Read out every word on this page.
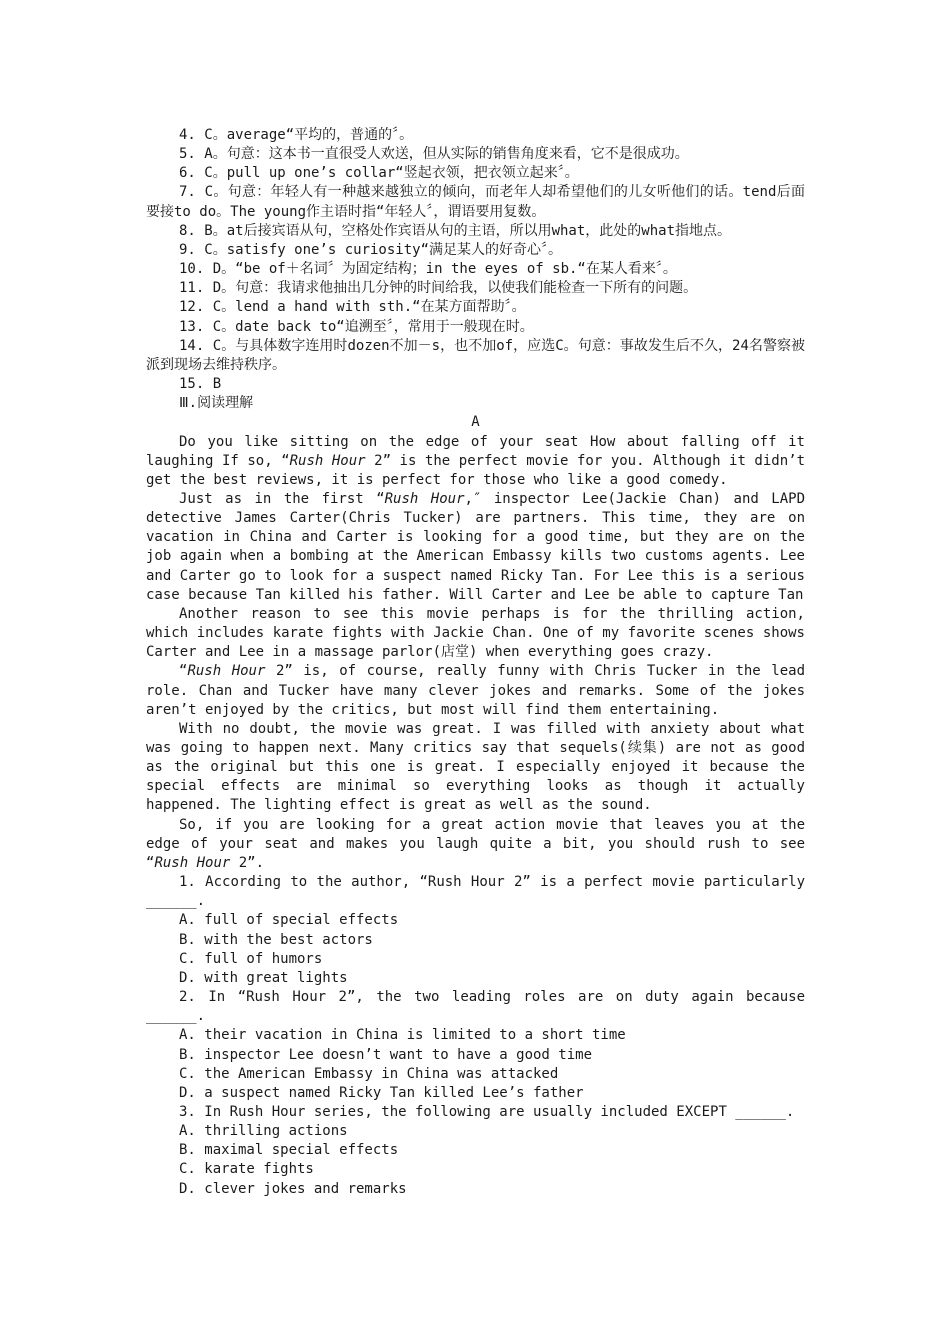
4. C。average“平均的，普通的〞。

5. A。句意：这本书一直很受人欢送，但从实际的销售角度来看，它不是很成功。

6. C。pull up one’s collar“竖起衣领，把衣领立起来〞。

7. C。句意：年轻人有一种越来越独立的倾向，而老年人却希望他们的儿女听他们的话。tend后面要接to do。The young作主语时指“年轻人〞，谓语要用复数。

8. B。at后接宾语从句，空格处作宾语从句的主语，所以用what，此处的what指地点。

9. C。satisfy one’s curiosity“满足某人的好奇心〞。

10. D。“be of＋名词〞为固定结构；in the eyes of sb.“在某人看来〞。

11. D。句意：我请求他抽出几分钟的时间给我，以使我们能检查一下所有的问题。

12. C。lend a hand with sth.“在某方面帮助〞。

13. C。date back to“追溯至〞，常用于一般现在时。

14. C。与具体数字连用时dozen不加－s，也不加of，应选C。句意：事故发生后不久，24名警察被派到现场去维持秩序。

15. B

Ⅲ.阅读理解

A

Do you like sitting on the edge of your seat How about falling off it laughing If so, “Rush Hour 2” is the perfect movie for you. Although it didn’t get the best reviews, it is perfect for those who like a good comedy.

Just as in the first “Rush Hour,″ inspector Lee(Jackie Chan) and LAPD detective James Carter(Chris Tucker) are partners. This time, they are on vacation in China and Carter is looking for a good time, but they are on the job again when a bombing at the American Embassy kills two customs agents. Lee and Carter go to look for a suspect named Ricky Tan. For Lee this is a serious case because Tan killed his father. Will Carter and Lee be able to capture Tan

Another reason to see this movie perhaps is for the thrilling action, which includes karate fights with Jackie Chan. One of my favorite scenes shows Carter and Lee in a massage parlor(店堂) when everything goes crazy.

“Rush Hour 2” is, of course, really funny with Chris Tucker in the lead role. Chan and Tucker have many clever jokes and remarks. Some of the jokes aren’t enjoyed by the critics, but most will find them entertaining.

With no doubt, the movie was great. I was filled with anxiety about what was going to happen next. Many critics say that sequels(续集) are not as good as the original but this one is great. I especially enjoyed it because the special effects are minimal so everything looks as though it actually happened. The lighting effect is great as well as the sound.

So, if you are looking for a great action movie that leaves you at the edge of your seat and makes you laugh quite a bit, you should rush to see “Rush Hour 2”.

1. According to the author, “Rush Hour 2” is a perfect movie particularly ______.

A. full of special effects

B. with the best actors

C. full of humors

D. with great lights

2. In “Rush Hour 2”, the two leading roles are on duty again because ______.

A. their vacation in China is limited to a short time

B. inspector Lee doesn’t want to have a good time

C. the American Embassy in China was attacked

D. a suspect named Ricky Tan killed Lee’s father

3. In Rush Hour series, the following are usually included EXCEPT ______.

A. thrilling actions

B. maximal special effects

C. karate fights

D. clever jokes and remarks
